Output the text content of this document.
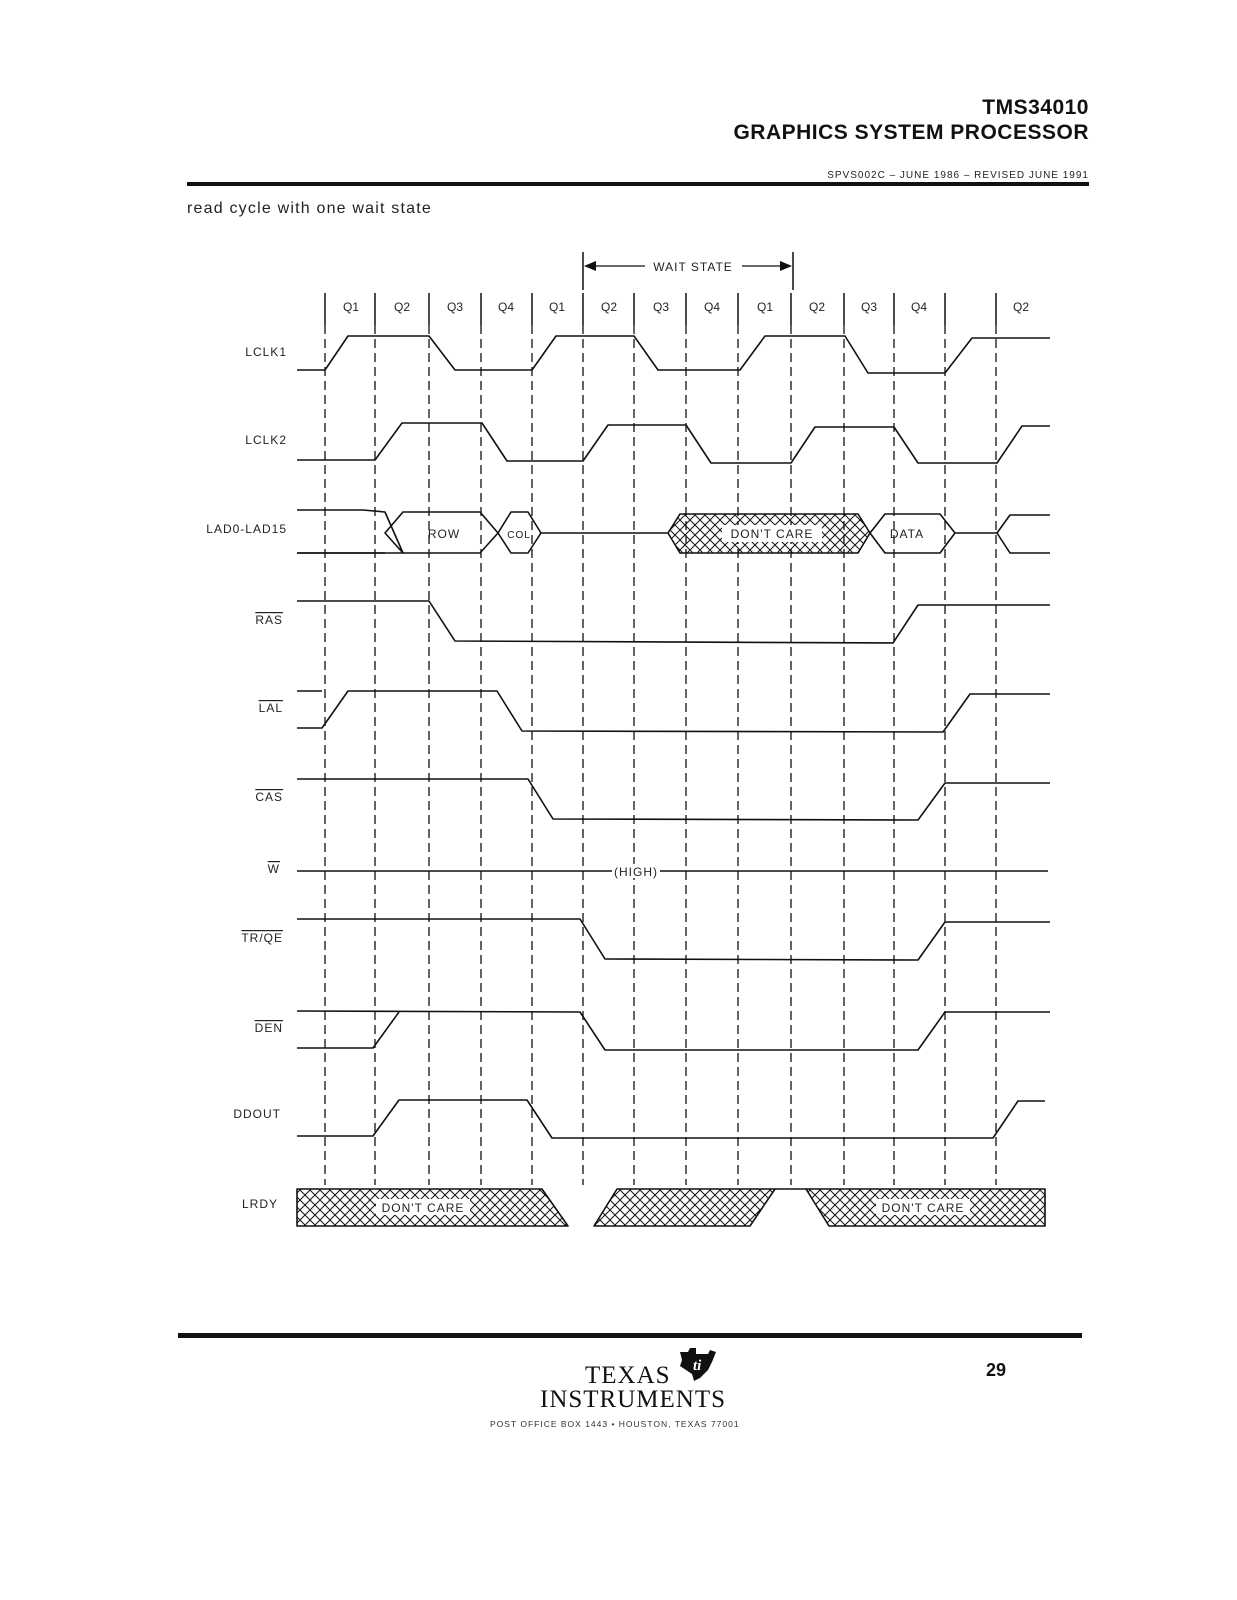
TMS34010
GRAPHICS SYSTEM PROCESSOR
SPVS002C – JUNE 1986 – REVISED JUNE 1991
read cycle with one wait state
WAIT STATE
Q1	Q2	Q3	Q4	Q1	Q2	Q3	Q4	Q1	Q2	Q3	Q4	Q2
LCLK1
LCLK2
LAD0-LAD15
RAS
LAL
CAS
W
TR/QE
DEN
DDOUT
LRDY
ROW	COL	DON'T CARE	DATA
(HIGH)
DON'T CARE	DON'T CARE
TEXAS
INSTRUMENTS
ti
POST OFFICE BOX 1443 • HOUSTON, TEXAS 77001
29
